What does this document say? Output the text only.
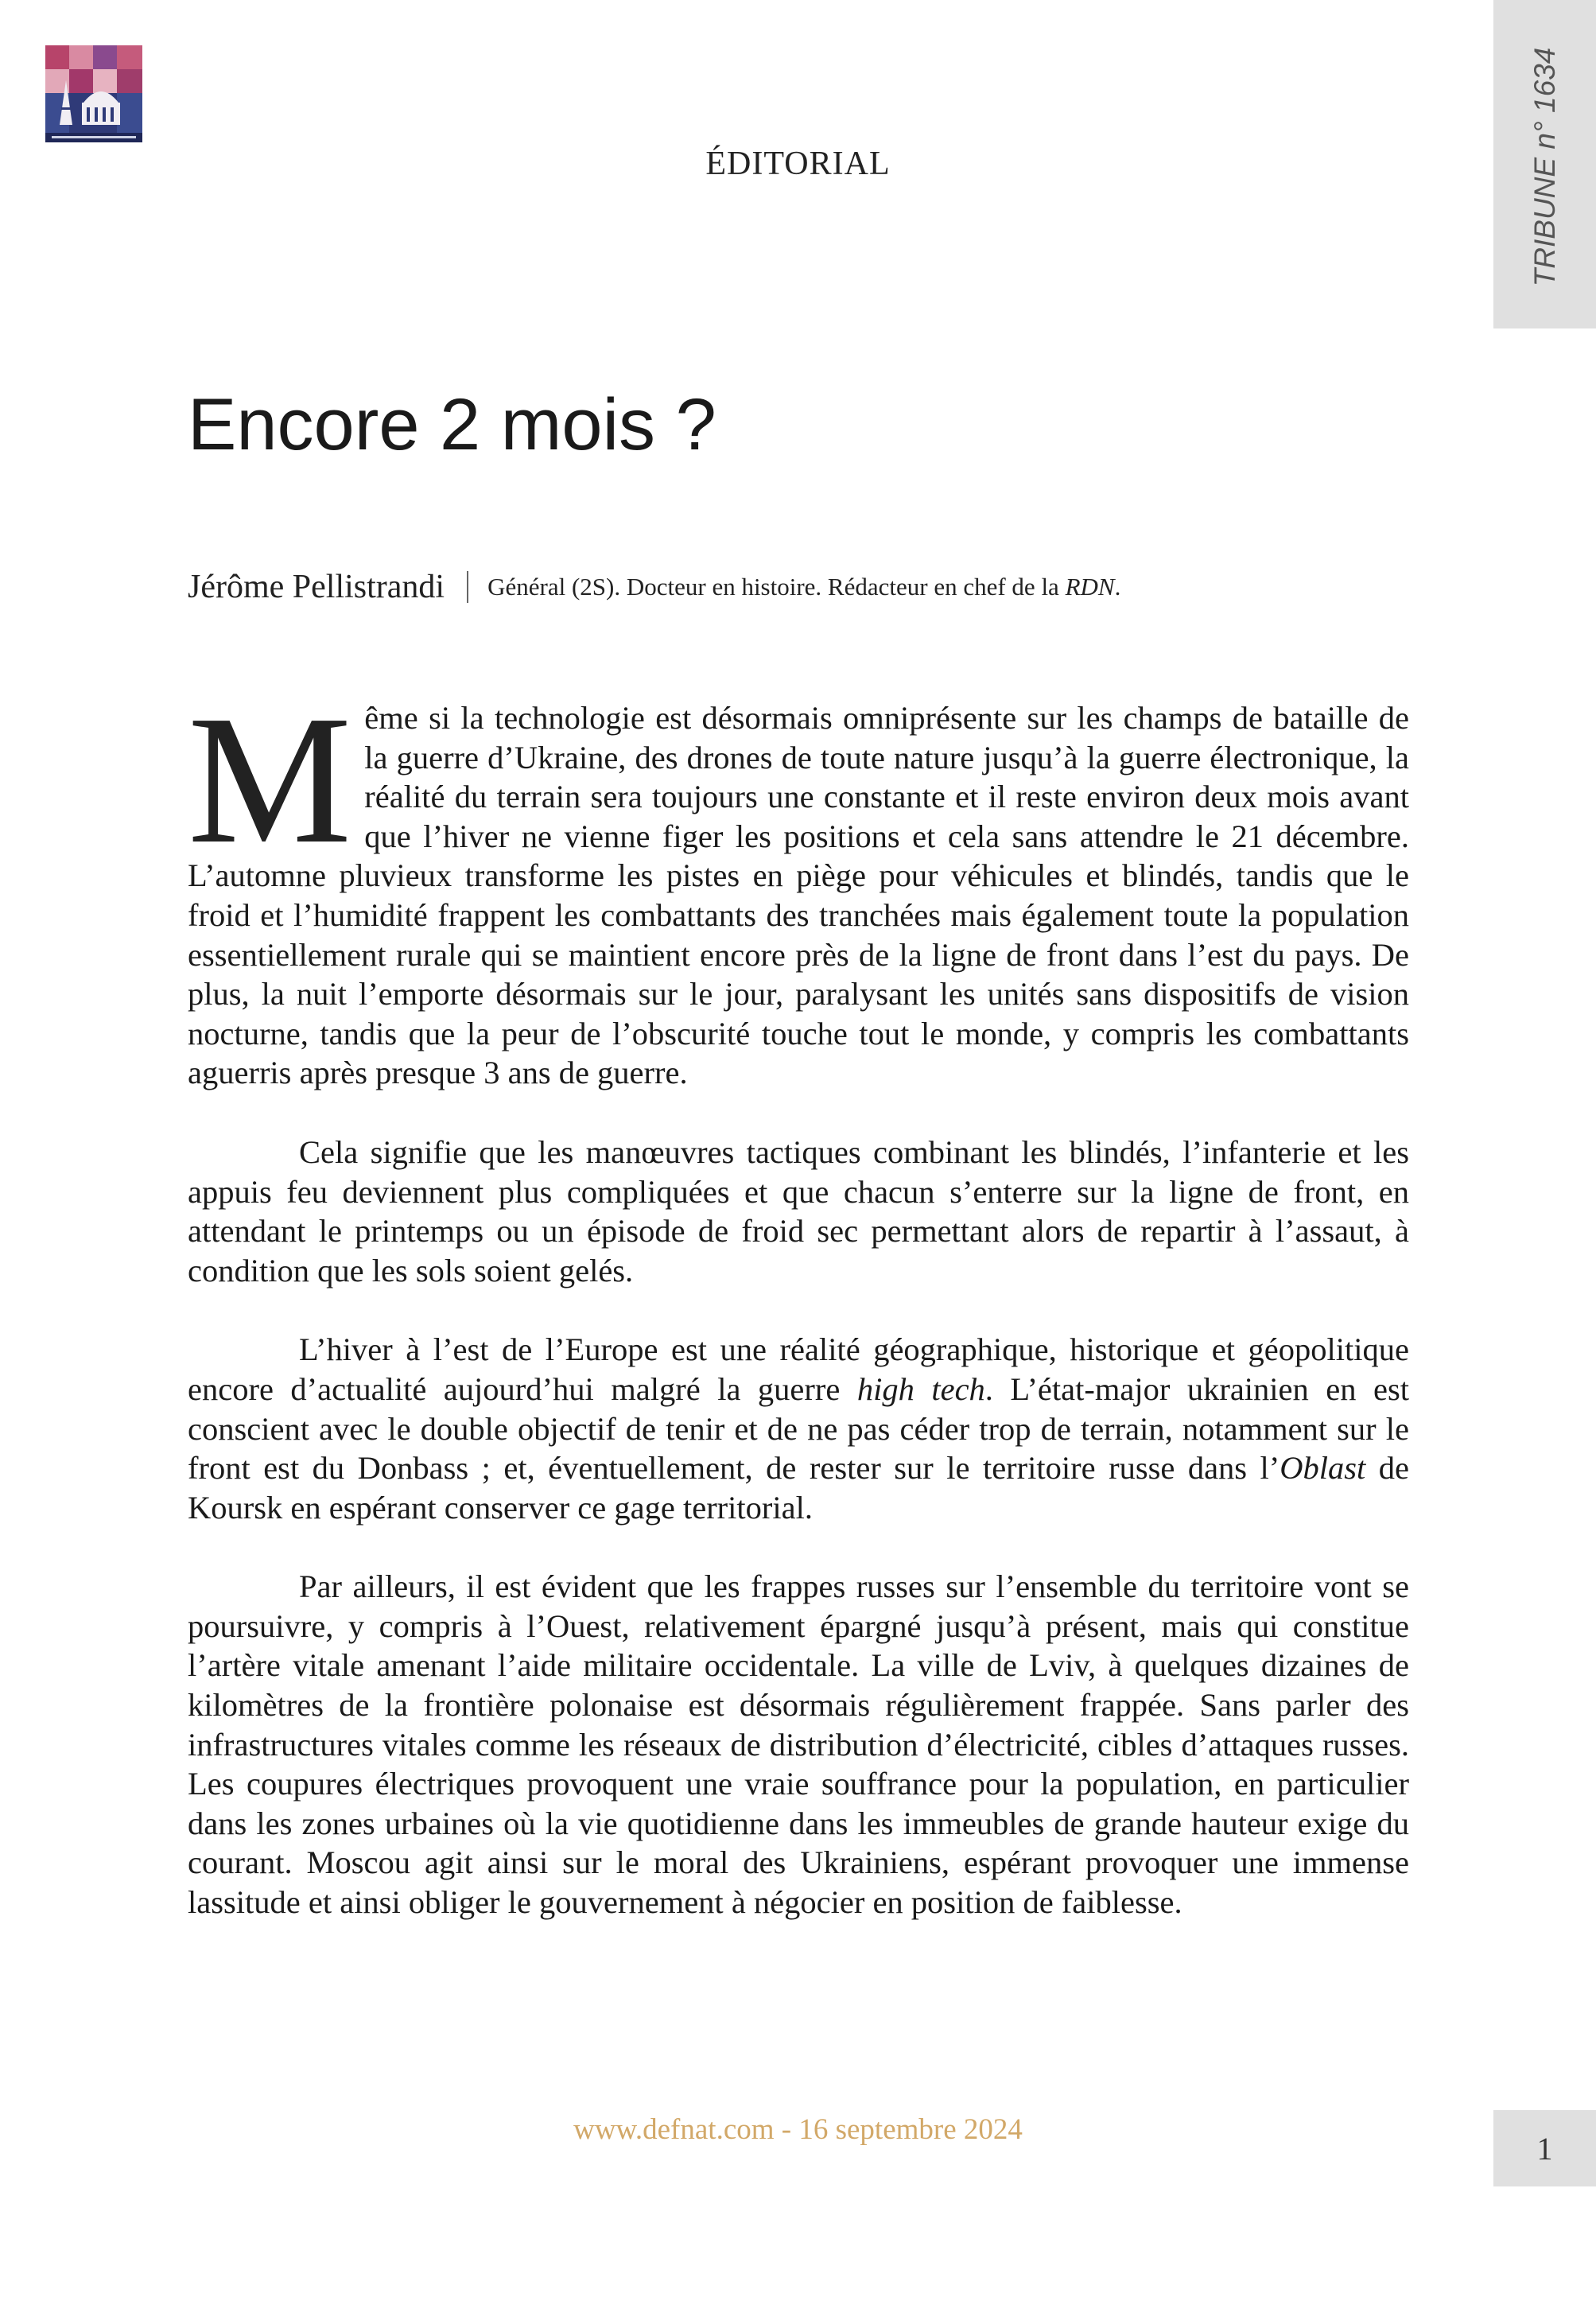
TRIBUNE n° 1634
ÉDITORIAL
Encore 2 mois ?
Jérôme Pellistrandi Général (2S). Docteur en histoire. Rédacteur en chef de la RDN.

Même si la technologie est désormais omniprésente sur les champs de bataille de la guerre d’Ukraine, des drones de toute nature jusqu’à la guerre électronique, la réalité du terrain sera toujours une constante et il reste environ deux mois avant que l’hiver ne vienne figer les positions et cela sans attendre le 21 décembre. L’automne pluvieux transforme les pistes en piège pour véhicules et blindés, tandis que le froid et l’humidité frappent les combattants des tranchées mais également toute la population essentiellement rurale qui se maintient encore près de la ligne de front dans l’est du pays. De plus, la nuit l’emporte désormais sur le jour, paralysant les unités sans dispositifs de vision nocturne, tandis que la peur de l’obscurité touche tout le monde, y compris les combattants aguerris après presque 3 ans de guerre.

Cela signifie que les manœuvres tactiques combinant les blindés, l’infanterie et les appuis feu deviennent plus compliquées et que chacun s’enterre sur la ligne de front, en attendant le printemps ou un épisode de froid sec permettant alors de repartir à l’assaut, à condition que les sols soient gelés.

L’hiver à l’est de l’Europe est une réalité géographique, historique et géopolitique encore d’actualité aujourd’hui malgré la guerre high tech. L’état-major ukrainien en est conscient avec le double objectif de tenir et de ne pas céder trop de terrain, notamment sur le front est du Donbass ; et, éventuellement, de rester sur le territoire russe dans l’Oblast de Koursk en espérant conserver ce gage territorial.

Par ailleurs, il est évident que les frappes russes sur l’ensemble du territoire vont se poursuivre, y compris à l’Ouest, relativement épargné jusqu’à présent, mais qui constitue l’artère vitale amenant l’aide militaire occidentale. La ville de Lviv, à quelques dizaines de kilomètres de la frontière polonaise est désormais régulièrement frappée. Sans parler des infrastructures vitales comme les réseaux de distribution d’électricité, cibles d’attaques russes. Les coupures électriques provoquent une vraie souffrance pour la population, en particulier dans les zones urbaines où la vie quotidienne dans les immeubles de grande hauteur exige du courant. Moscou agit ainsi sur le moral des Ukrainiens, espérant provoquer une immense lassitude et ainsi obliger le gouvernement à négocier en position de faiblesse.

www.defnat.com - 16 septembre 2024
1
